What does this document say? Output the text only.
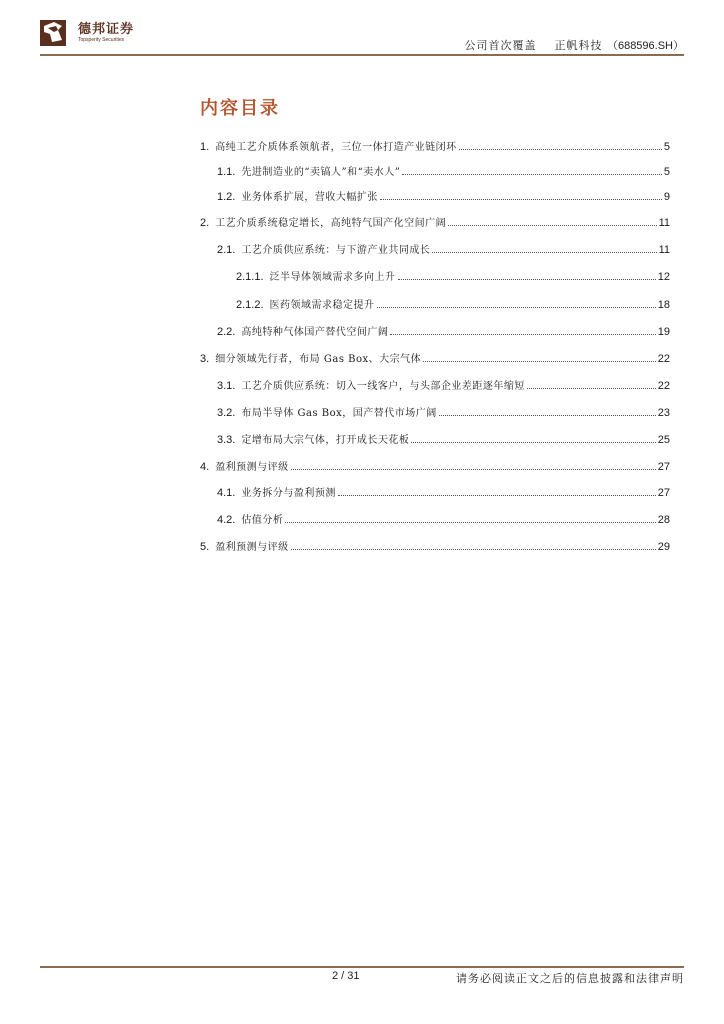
德邦证券
Topsperity Securities	公司首次覆盖 正帆科技 （688596.SH）
内容目录
1. 高纯工艺介质体系领航者，三位一体打造产业链闭环	5
1.1. 先进制造业的“卖镐人”和“卖水人”	5
1.2. 业务体系扩展，营收大幅扩张	9
2. 工艺介质系统稳定增长，高纯特气国产化空间广阔	11
2.1. 工艺介质供应系统：与下游产业共同成长	11
2.1.1. 泛半导体领域需求多向上升	12
2.1.2. 医药领域需求稳定提升	18
2.2. 高纯特种气体国产替代空间广阔	19
3. 细分领域先行者，布局 Gas Box、大宗气体	22
3.1. 工艺介质供应系统：切入一线客户，与头部企业差距逐年缩短	22
3.2. 布局半导体 Gas Box，国产替代市场广阔	23
3.3. 定增布局大宗气体，打开成长天花板	25
4. 盈利预测与评级	27
4.1. 业务拆分与盈利预测	27
4.2. 估值分析	28
5. 盈利预测与评级	29
2 / 31	请务必阅读正文之后的信息披露和法律声明
